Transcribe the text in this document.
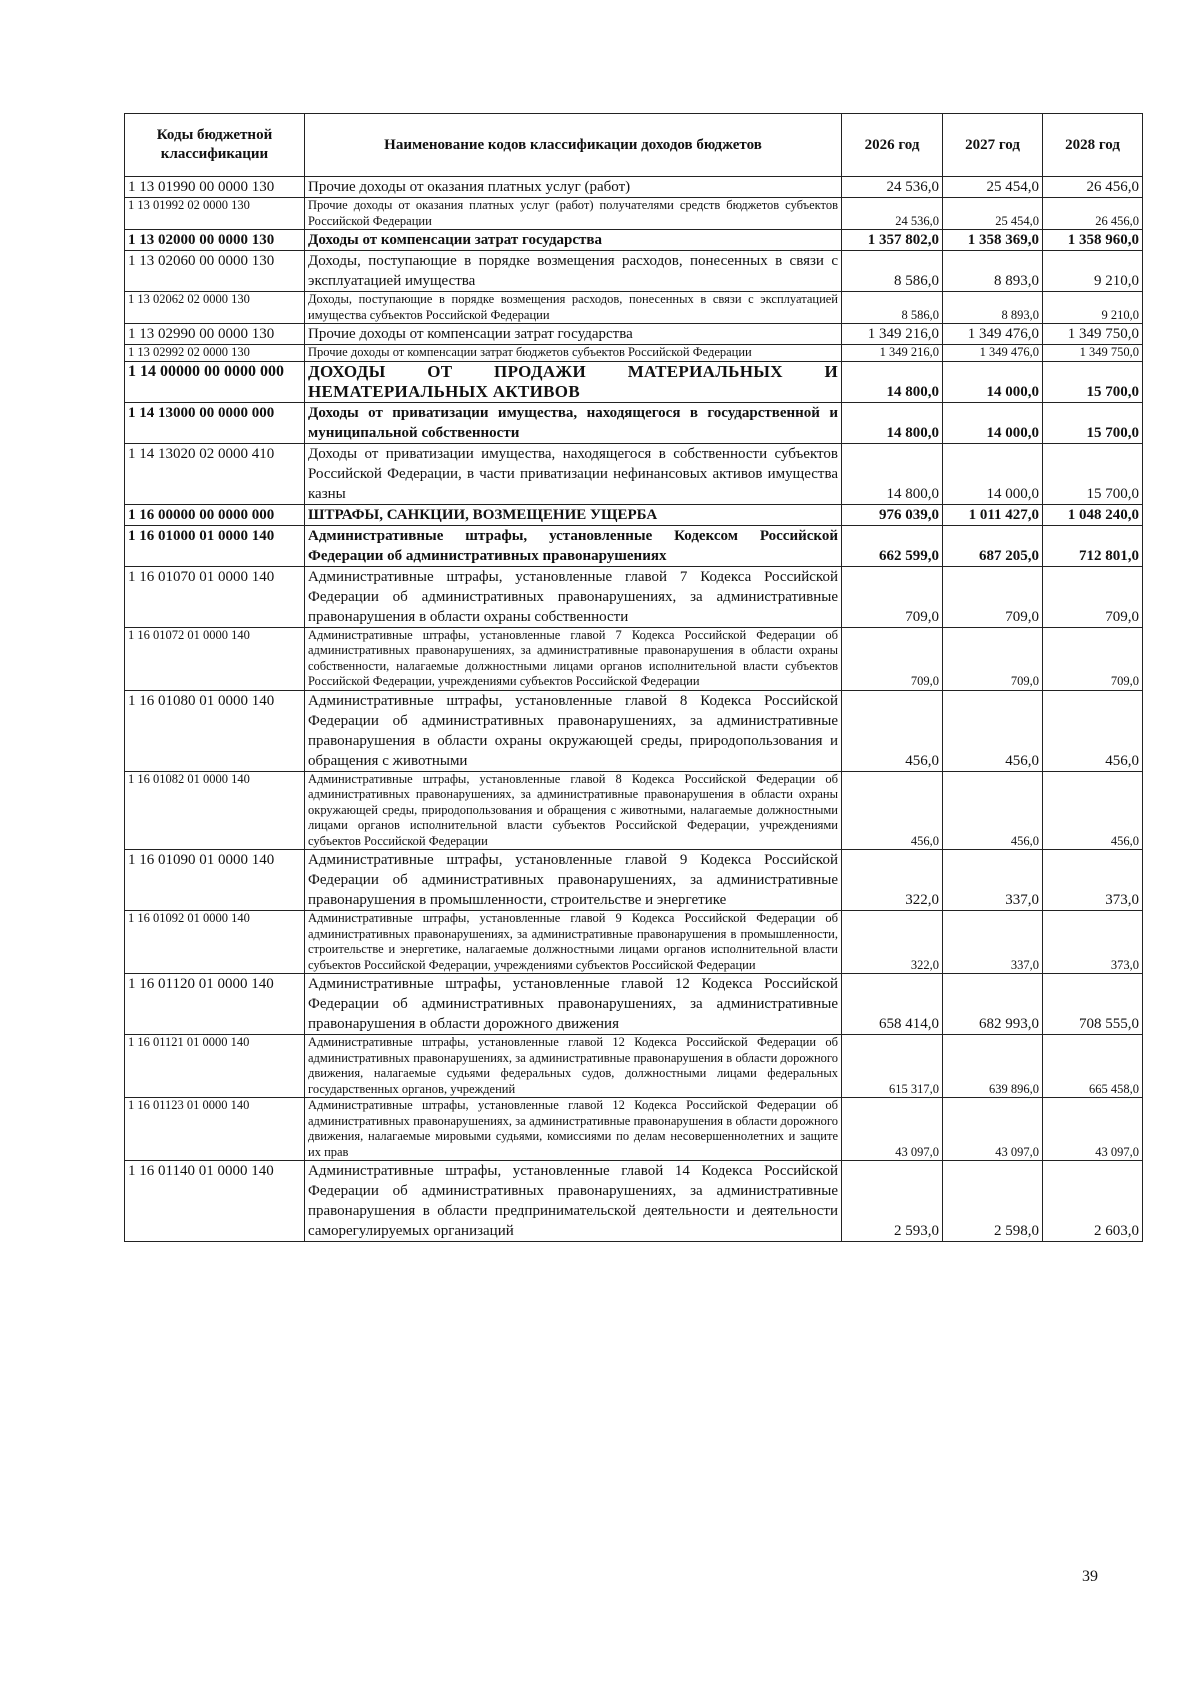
Коды бюджетной классификации	Наименование кодов классификации доходов бюджетов	2026 год	2027 год	2028 год
1 13 01990 00 0000 130	Прочие доходы от оказания платных услуг (работ)	24 536,0	25 454,0	26 456,0
1 13 01992 02 0000 130	Прочие доходы от оказания платных услуг (работ) получателями средств бюджетов субъектов Российской Федерации	24 536,0	25 454,0	26 456,0
1 13 02000 00 0000 130	Доходы от компенсации затрат государства	1 357 802,0	1 358 369,0	1 358 960,0
1 13 02060 00 0000 130	Доходы, поступающие в порядке возмещения расходов, понесенных в связи с эксплуатацией имущества	8 586,0	8 893,0	9 210,0
1 13 02062 02 0000 130	Доходы, поступающие в порядке возмещения расходов, понесенных в связи с эксплуатацией имущества субъектов Российской Федерации	8 586,0	8 893,0	9 210,0
1 13 02990 00 0000 130	Прочие доходы от компенсации затрат государства	1 349 216,0	1 349 476,0	1 349 750,0
1 13 02992 02 0000 130	Прочие доходы от компенсации затрат бюджетов субъектов Российской Федерации	1 349 216,0	1 349 476,0	1 349 750,0
1 14 00000 00 0000 000	ДОХОДЫ ОТ ПРОДАЖИ МАТЕРИАЛЬНЫХ И НЕМАТЕРИАЛЬНЫХ АКТИВОВ	14 800,0	14 000,0	15 700,0
1 14 13000 00 0000 000	Доходы от приватизации имущества, находящегося в государственной и муниципальной собственности	14 800,0	14 000,0	15 700,0
1 14 13020 02 0000 410	Доходы от приватизации имущества, находящегося в собственности субъектов Российской Федерации, в части приватизации нефинансовых активов имущества казны	14 800,0	14 000,0	15 700,0
1 16 00000 00 0000 000	ШТРАФЫ, САНКЦИИ, ВОЗМЕЩЕНИЕ УЩЕРБА	976 039,0	1 011 427,0	1 048 240,0
1 16 01000 01 0000 140	Административные штрафы, установленные Кодексом Российской Федерации об административных правонарушениях	662 599,0	687 205,0	712 801,0
1 16 01070 01 0000 140	Административные штрафы, установленные главой 7 Кодекса Российской Федерации об административных правонарушениях, за административные правонарушения в области охраны собственности	709,0	709,0	709,0
1 16 01072 01 0000 140	Административные штрафы, установленные главой 7 Кодекса Российской Федерации об административных правонарушениях, за административные правонарушения в области охраны собственности, налагаемые должностными лицами органов исполнительной власти субъектов Российской Федерации, учреждениями субъектов Российской Федерации	709,0	709,0	709,0
1 16 01080 01 0000 140	Административные штрафы, установленные главой 8 Кодекса Российской Федерации об административных правонарушениях, за административные правонарушения в области охраны окружающей среды, природопользования и обращения с животными	456,0	456,0	456,0
1 16 01082 01 0000 140	Административные штрафы, установленные главой 8 Кодекса Российской Федерации об административных правонарушениях, за административные правонарушения в области охраны окружающей среды, природопользования и обращения с животными, налагаемые должностными лицами органов исполнительной власти субъектов Российской Федерации, учреждениями субъектов Российской Федерации	456,0	456,0	456,0
1 16 01090 01 0000 140	Административные штрафы, установленные главой 9 Кодекса Российской Федерации об административных правонарушениях, за административные правонарушения в промышленности, строительстве и энергетике	322,0	337,0	373,0
1 16 01092 01 0000 140	Административные штрафы, установленные главой 9 Кодекса Российской Федерации об административных правонарушениях, за административные правонарушения в промышленности, строительстве и энергетике, налагаемые должностными лицами органов исполнительной власти субъектов Российской Федерации, учреждениями субъектов Российской Федерации	322,0	337,0	373,0
1 16 01120 01 0000 140	Административные штрафы, установленные главой 12 Кодекса Российской Федерации об административных правонарушениях, за административные правонарушения в области дорожного движения	658 414,0	682 993,0	708 555,0
1 16 01121 01 0000 140	Административные штрафы, установленные главой 12 Кодекса Российской Федерации об административных правонарушениях, за административные правонарушения в области дорожного движения, налагаемые судьями федеральных судов, должностными лицами федеральных государственных органов, учреждений	615 317,0	639 896,0	665 458,0
1 16 01123 01 0000 140	Административные штрафы, установленные главой 12 Кодекса Российской Федерации об административных правонарушениях, за административные правонарушения в области дорожного движения, налагаемые мировыми судьями, комиссиями по делам несовершеннолетних и защите их прав	43 097,0	43 097,0	43 097,0
1 16 01140 01 0000 140	Административные штрафы, установленные главой 14 Кодекса Российской Федерации об административных правонарушениях, за административные правонарушения в области предпринимательской деятельности и деятельности саморегулируемых организаций	2 593,0	2 598,0	2 603,0
39
